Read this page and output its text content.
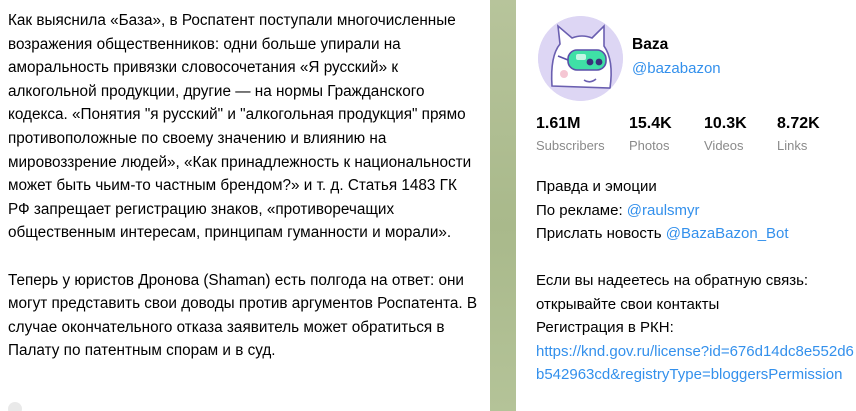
Как выяснила «База», в Роспатент поступали многочисленные возражения общественников: одни больше упирали на аморальность привязки словосочетания «Я русский» к алкогольной продукции, другие — на нормы Гражданского кодекса. «Понятия "я русский" и "алкогольная продукция" прямо противоположные по своему значению и влиянию на мировоззрение людей», «Как принадлежность к национальности может быть чьим-то частным брендом?» и т. д. Статья 1483 ГК РФ запрещает регистрацию знаков, «противоречащих общественным интересам, принципам гуманности и морали».

Теперь у юристов Дронова (Shaman) есть полгода на ответ: они могут представить свои доводы против аргументов Роспатента. В случае окончательного отказа заявитель может обратиться в Палату по патентным спорам и в суд.

Baza
@bazabazon
1.61M
Subscribers
15.4K
Photos
10.3K
Videos
8.72K
Links
Правда и эмоции
По рекламе: @raulsmyr
Прислать новость @BazaBazon_Bot
Если вы надеетесь на обратную связь:
открывайте свои контакты
Регистрация в РКН:
https://knd.gov.ru/license?id=676d14dc8e552d6b542963cd&registryType=bloggersPermission
